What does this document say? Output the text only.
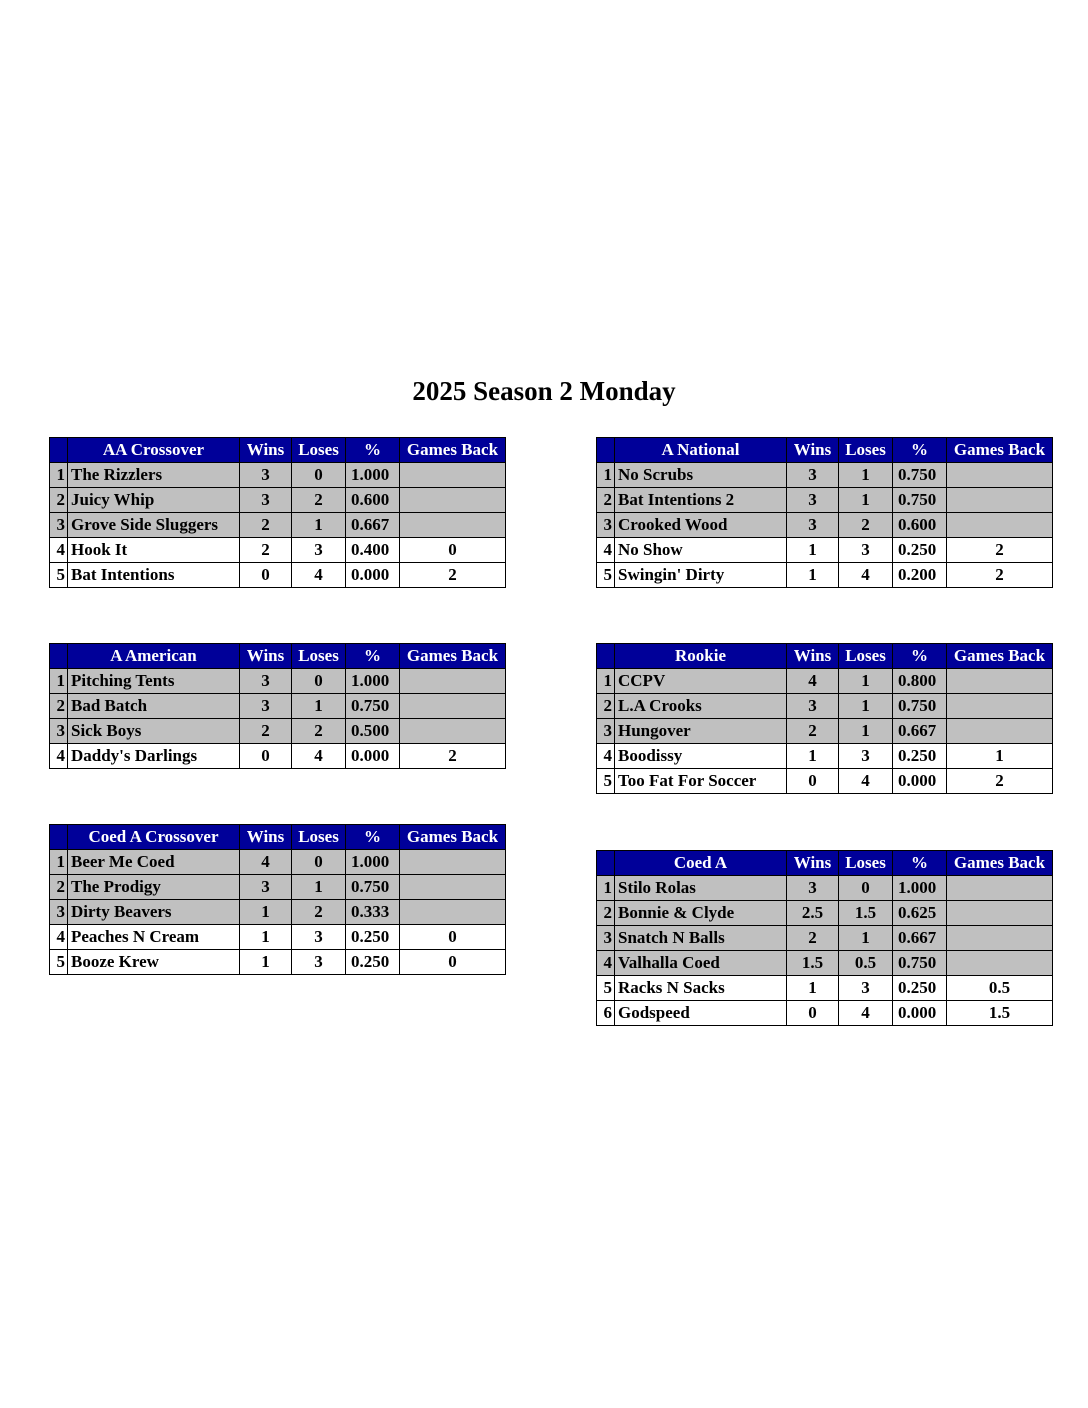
2025 Season 2 Monday
	AA Crossover	Wins	Loses	%	Games Back
1	The Rizzlers	3	0	1.000	
2	Juicy Whip	3	2	0.600	
3	Grove Side Sluggers	2	1	0.667	
4	Hook It	2	3	0.400	0
5	Bat Intentions	0	4	0.000	2
	A National	Wins	Loses	%	Games Back
1	No Scrubs	3	1	0.750	
2	Bat Intentions 2	3	1	0.750	
3	Crooked Wood	3	2	0.600	
4	No Show	1	3	0.250	2
5	Swingin' Dirty	1	4	0.200	2
	A American	Wins	Loses	%	Games Back
1	Pitching Tents	3	0	1.000	
2	Bad Batch	3	1	0.750	
3	Sick Boys	2	2	0.500	
4	Daddy's Darlings	0	4	0.000	2
	Rookie	Wins	Loses	%	Games Back
1	CCPV	4	1	0.800	
2	L.A Crooks	3	1	0.750	
3	Hungover	2	1	0.667	
4	Boodissy	1	3	0.250	1
5	Too Fat For Soccer	0	4	0.000	2
	Coed A Crossover	Wins	Loses	%	Games Back
1	Beer Me Coed	4	0	1.000	
2	The Prodigy	3	1	0.750	
3	Dirty Beavers	1	2	0.333	
4	Peaches N Cream	1	3	0.250	0
5	Booze Krew	1	3	0.250	0
	Coed A	Wins	Loses	%	Games Back
1	Stilo Rolas	3	0	1.000	
2	Bonnie & Clyde	2.5	1.5	0.625	
3	Snatch N Balls	2	1	0.667	
4	Valhalla Coed	1.5	0.5	0.750	
5	Racks N Sacks	1	3	0.250	0.5
6	Godspeed	0	4	0.000	1.5
